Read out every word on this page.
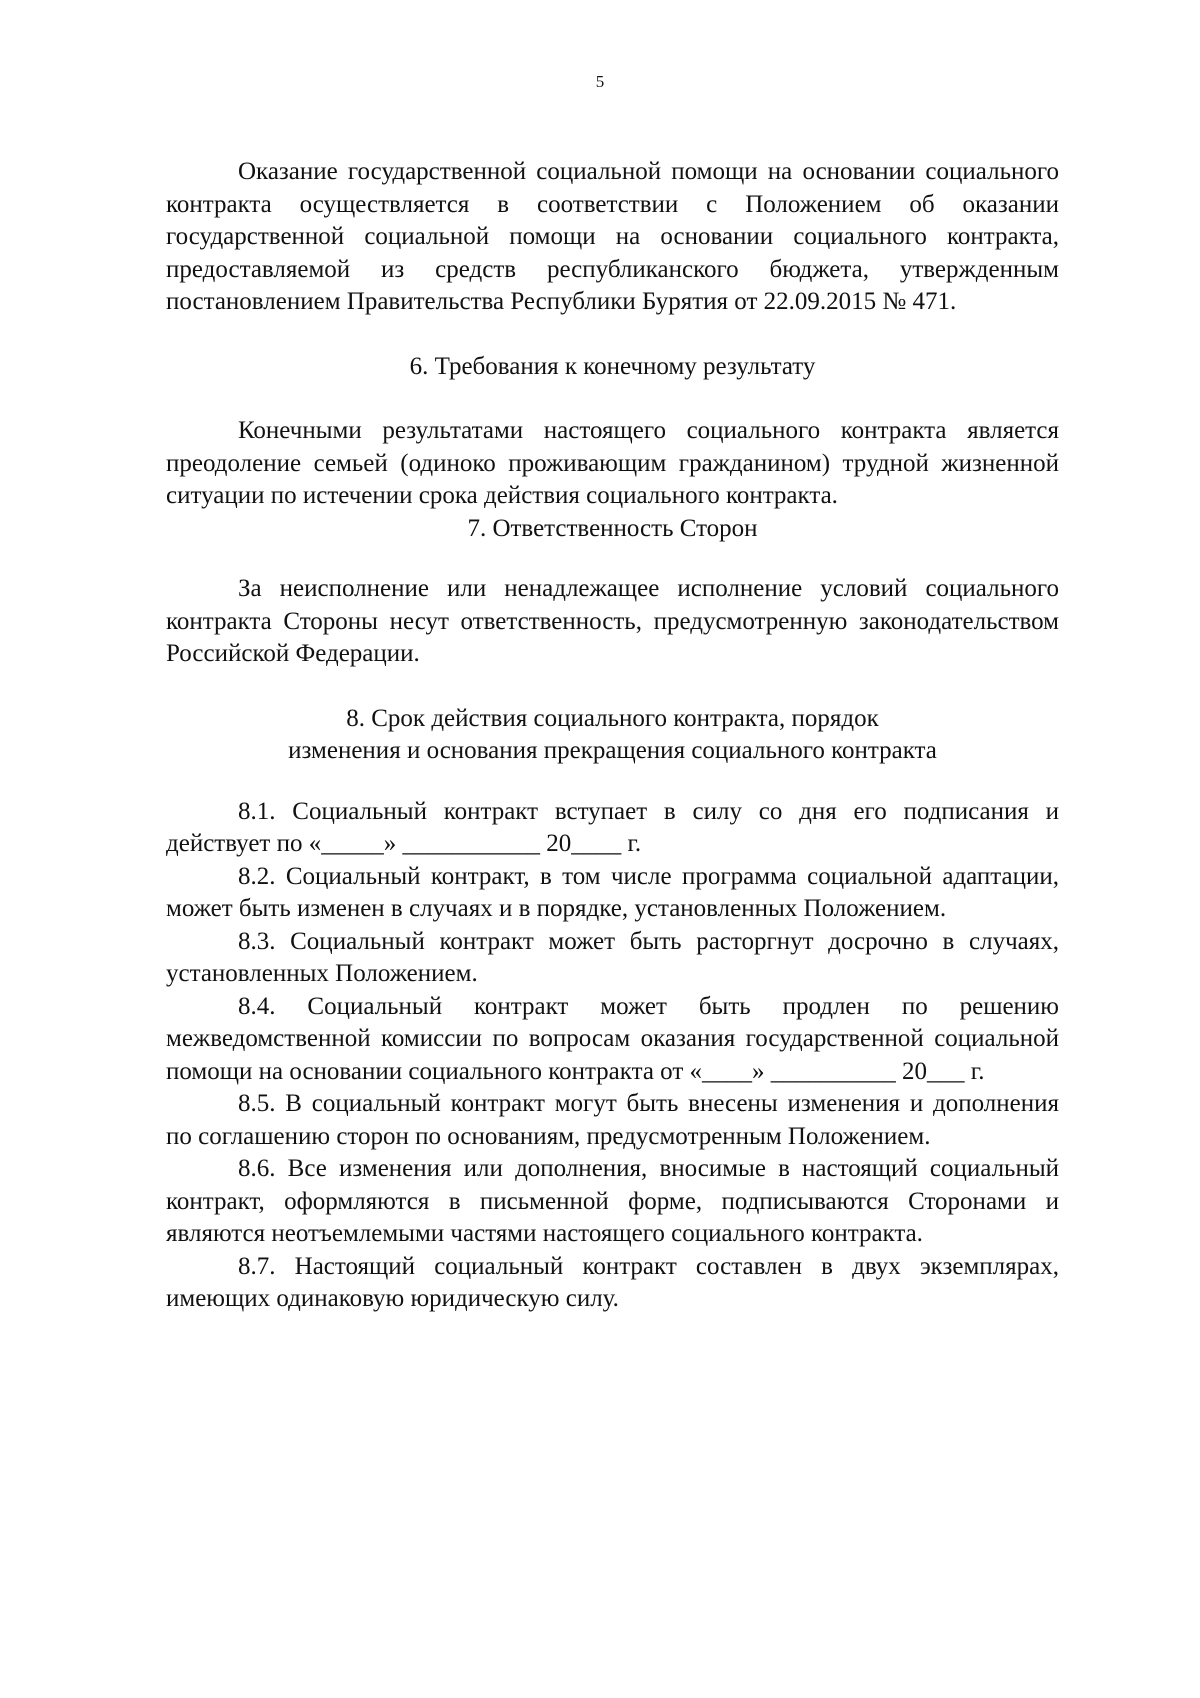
5

Оказание государственной социальной помощи на основании социального контракта осуществляется в соответствии с Положением об оказании государственной социальной помощи на основании социального контракта, предоставляемой из средств республиканского бюджета, утвержденным постановлением Правительства Республики Бурятия от 22.09.2015 № 471.

6. Требования к конечному результату

Конечными результатами настоящего социального контракта является преодоление семьей (одиноко проживающим гражданином) трудной жизненной ситуации по истечении срока действия социального контракта.

7. Ответственность Сторон

За неисполнение или ненадлежащее исполнение условий социального контракта Стороны несут ответственность, предусмотренную законодательством Российской Федерации.

8. Срок действия социального контракта, порядок
изменения и основания прекращения социального контракта

8.1. Социальный контракт вступает в силу со дня его подписания и действует по «_____» ___________ 20____ г.

8.2. Социальный контракт, в том числе программа социальной адаптации, может быть изменен в случаях и в порядке, установленных Положением.

8.3. Социальный контракт может быть расторгнут досрочно в случаях, установленных Положением.

8.4. Социальный контракт может быть продлен по решению межведомственной комиссии по вопросам оказания государственной социальной помощи на основании социального контракта от «____» __________ 20___ г.

8.5. В социальный контракт могут быть внесены изменения и дополнения по соглашению сторон по основаниям, предусмотренным Положением.

8.6. Все изменения или дополнения, вносимые в настоящий социальный контракт, оформляются в письменной форме, подписываются Сторонами и являются неотъемлемыми частями настоящего социального контракта.

8.7. Настоящий социальный контракт составлен в двух экземплярах, имеющих одинаковую юридическую силу.
